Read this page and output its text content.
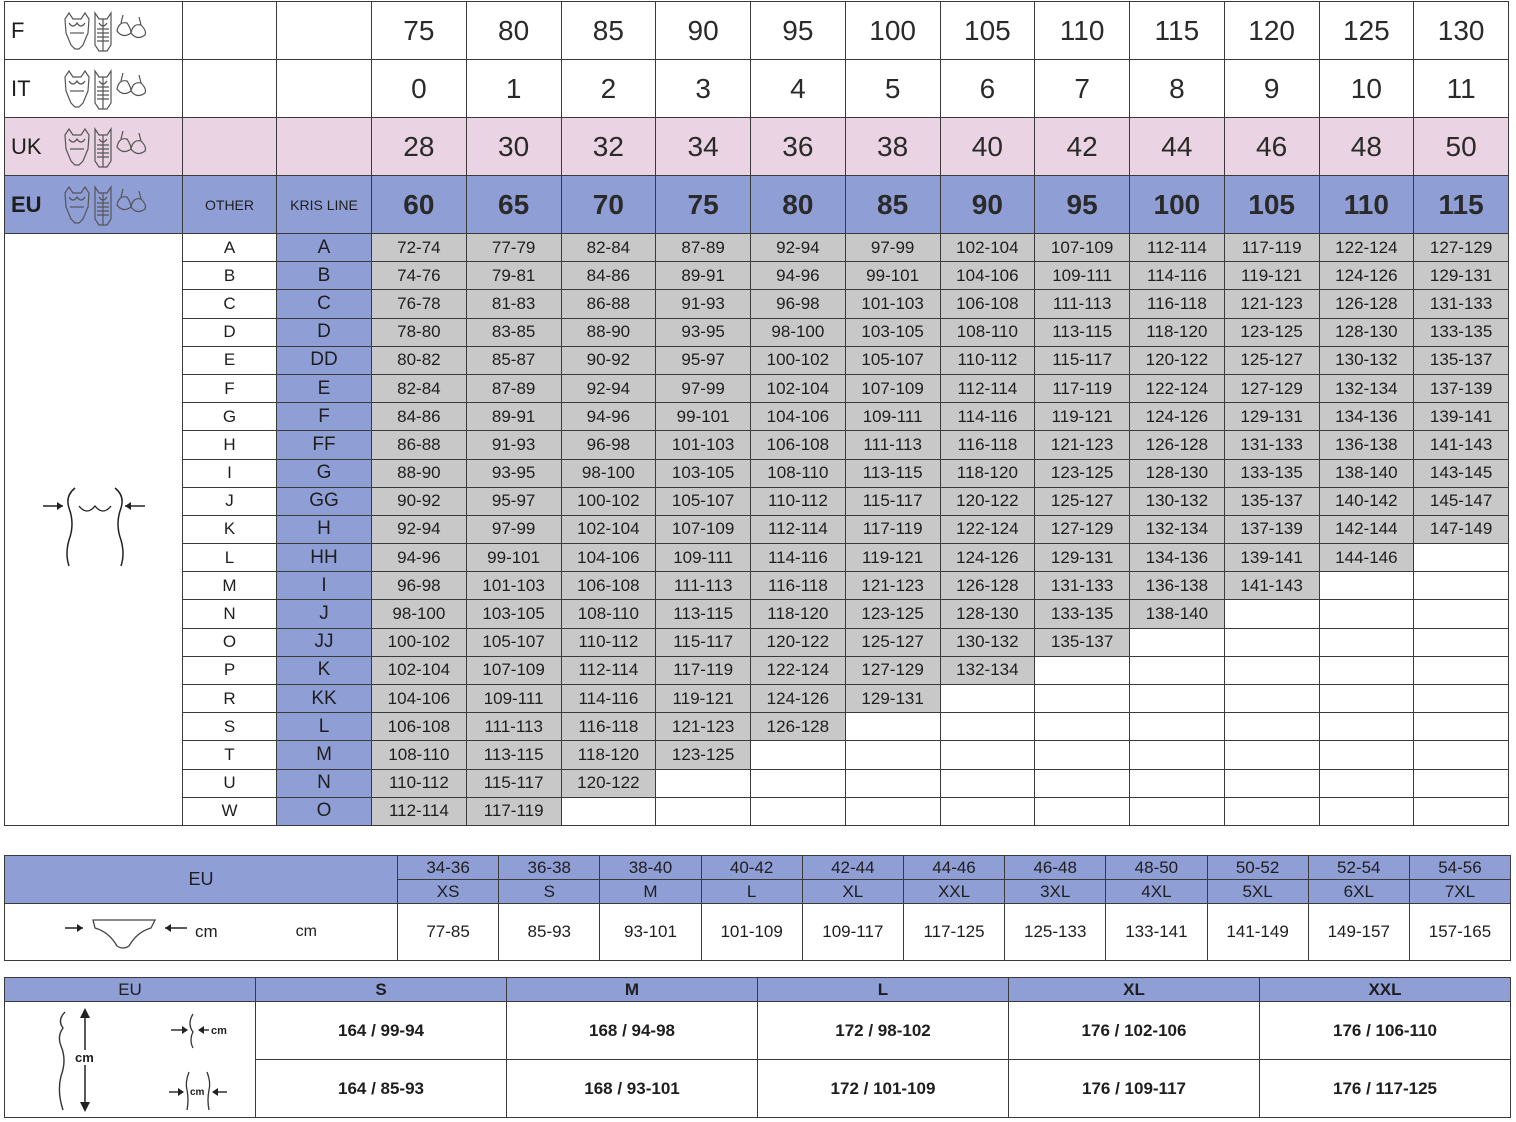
F			75	80	85	90	95	100	105	110	115	120	125	130

IT			0	1	2	3	4	5	6	7	8	9	10	11

UK			28	30	32	34	36	38	40	42	44	46	48	50

EU	OTHER	KRIS LINE	60	65	70	75	80	85	90	95	100	105	110	115

	A	A	72-74	77-79	82-84	87-89	92-94	97-99	102-104	107-109	112-114	117-119	122-124	127-129
	B	B	74-76	79-81	84-86	89-91	94-96	99-101	104-106	109-111	114-116	119-121	124-126	129-131
	C	C	76-78	81-83	86-88	91-93	96-98	101-103	106-108	111-113	116-118	121-123	126-128	131-133
	D	D	78-80	83-85	88-90	93-95	98-100	103-105	108-110	113-115	118-120	123-125	128-130	133-135
	E	DD	80-82	85-87	90-92	95-97	100-102	105-107	110-112	115-117	120-122	125-127	130-132	135-137
	F	E	82-84	87-89	92-94	97-99	102-104	107-109	112-114	117-119	122-124	127-129	132-134	137-139
	G	F	84-86	89-91	94-96	99-101	104-106	109-111	114-116	119-121	124-126	129-131	134-136	139-141
	H	FF	86-88	91-93	96-98	101-103	106-108	111-113	116-118	121-123	126-128	131-133	136-138	141-143
	I	G	88-90	93-95	98-100	103-105	108-110	113-115	118-120	123-125	128-130	133-135	138-140	143-145
	J	GG	90-92	95-97	100-102	105-107	110-112	115-117	120-122	125-127	130-132	135-137	140-142	145-147
	K	H	92-94	97-99	102-104	107-109	112-114	117-119	122-124	127-129	132-134	137-139	142-144	147-149
	L	HH	94-96	99-101	104-106	109-111	114-116	119-121	124-126	129-131	134-136	139-141	144-146	
	M	I	96-98	101-103	106-108	111-113	116-118	121-123	126-128	131-133	136-138	141-143		
	N	J	98-100	103-105	108-110	113-115	118-120	123-125	128-130	133-135	138-140			
	O	JJ	100-102	105-107	110-112	115-117	120-122	125-127	130-132	135-137				
	P	K	102-104	107-109	112-114	117-119	122-124	127-129	132-134					
	R	KK	104-106	109-111	114-116	119-121	124-126	129-131						
	S	L	106-108	111-113	116-118	121-123	126-128							
	T	M	108-110	113-115	118-120	123-125								
	U	N	110-112	115-117	120-122									
	W	O	112-114	117-119										
EU	34-36	36-38	38-40	40-42	42-44	44-46	46-48	48-50	50-52	52-54	54-56
	XS	S	M	L	XL	XXL	3XL	4XL	5XL	6XL	7XL

cm cm	77-85	85-93	93-101	101-109	109-117	117-125	125-133	133-141	141-149	149-157	157-165
EU	S	M	L	XL	XXL

cm
cm
cm	164 / 99-94	168 / 94-98	172 / 98-102	176 / 102-106	176 / 106-110
	164 / 85-93	168 / 93-101	172 / 101-109	176 / 109-117	176 / 117-125
